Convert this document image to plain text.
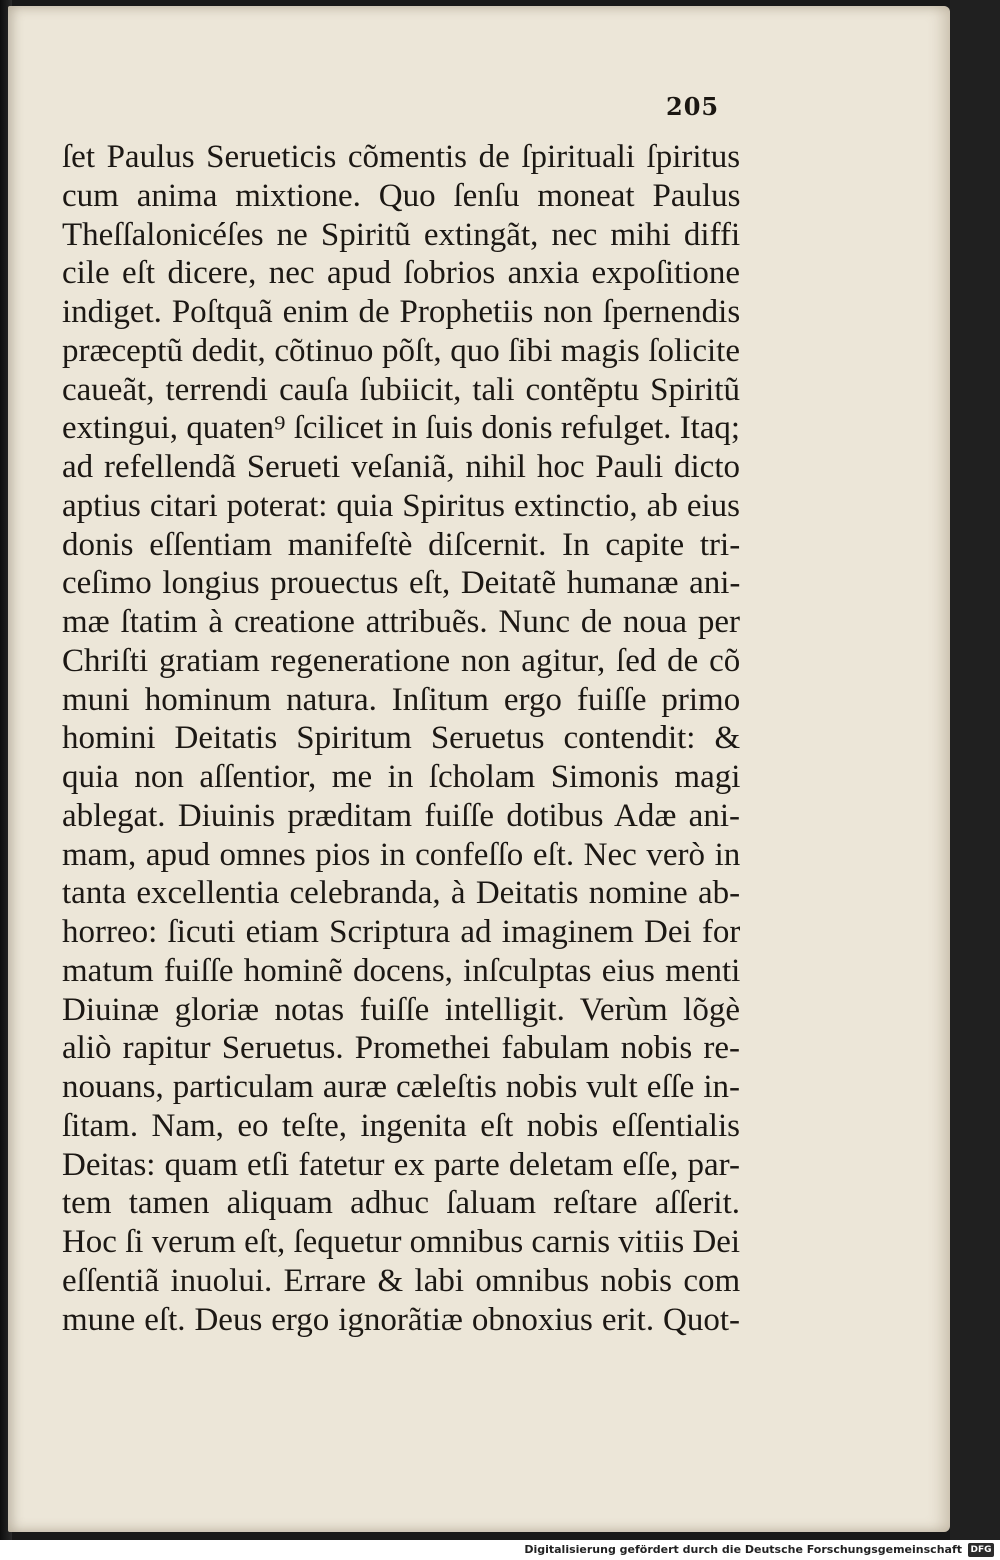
205
ſet Paulus Serueticis cõmentis de ſpirituali ſpiritus
cum anima mixtione. Quo ſenſu moneat Paulus
Theſſalonicéſes ne Spiritũ extingãt, nec mihi diffi
cile eſt dicere, nec apud ſobrios anxia expoſitione
indiget. Poſtquã enim de Prophetiis non ſpernendis
præceptũ dedit, cõtinuo põſt, quo ſibi magis ſolicite
caueãt, terrendi cauſa ſubiicit, tali contẽptu Spiritũ
extingui, quaten⁹ ſcilicet in ſuis donis refulget. Itaq;
ad refellendã Serueti veſaniã, nihil hoc Pauli dicto
aptius citari poterat: quia Spiritus extinctio, ab eius
donis eſſentiam manifeſtè diſcernit. In capite tri-
ceſimo longius prouectus eſt, Deitatẽ humanæ ani-
mæ ſtatim à creatione attribuẽs. Nunc de noua per
Chriſti gratiam regeneratione non agitur, ſed de cõ
muni hominum natura. Inſitum ergo fuiſſe primo
homini Deitatis Spiritum Seruetus contendit: &
quia non aſſentior, me in ſcholam Simonis magi
ablegat. Diuinis præditam fuiſſe dotibus Adæ ani-
mam, apud omnes pios in confeſſo eſt. Nec verò in
tanta excellentia celebranda, à Deitatis nomine ab-
horreo: ſicuti etiam Scriptura ad imaginem Dei for
matum fuiſſe hominẽ docens, inſculptas eius menti
Diuinæ gloriæ notas fuiſſe intelligit. Verùm lõgè
aliò rapitur Seruetus. Promethei fabulam nobis re-
nouans, particulam auræ cæleſtis nobis vult eſſe in-
ſitam. Nam, eo teſte, ingenita eſt nobis eſſentialis
Deitas: quam etſi fatetur ex parte deletam eſſe, par-
tem tamen aliquam adhuc ſaluam reſtare aſſerit.
Hoc ſi verum eſt, ſequetur omnibus carnis vitiis Dei
eſſentiã inuolui. Errare & labi omnibus nobis com
mune eſt. Deus ergo ignorãtiæ obnoxius erit. Quot-
Digitalisierung gefördert durch die Deutsche Forschungsgemeinschaft DFG
